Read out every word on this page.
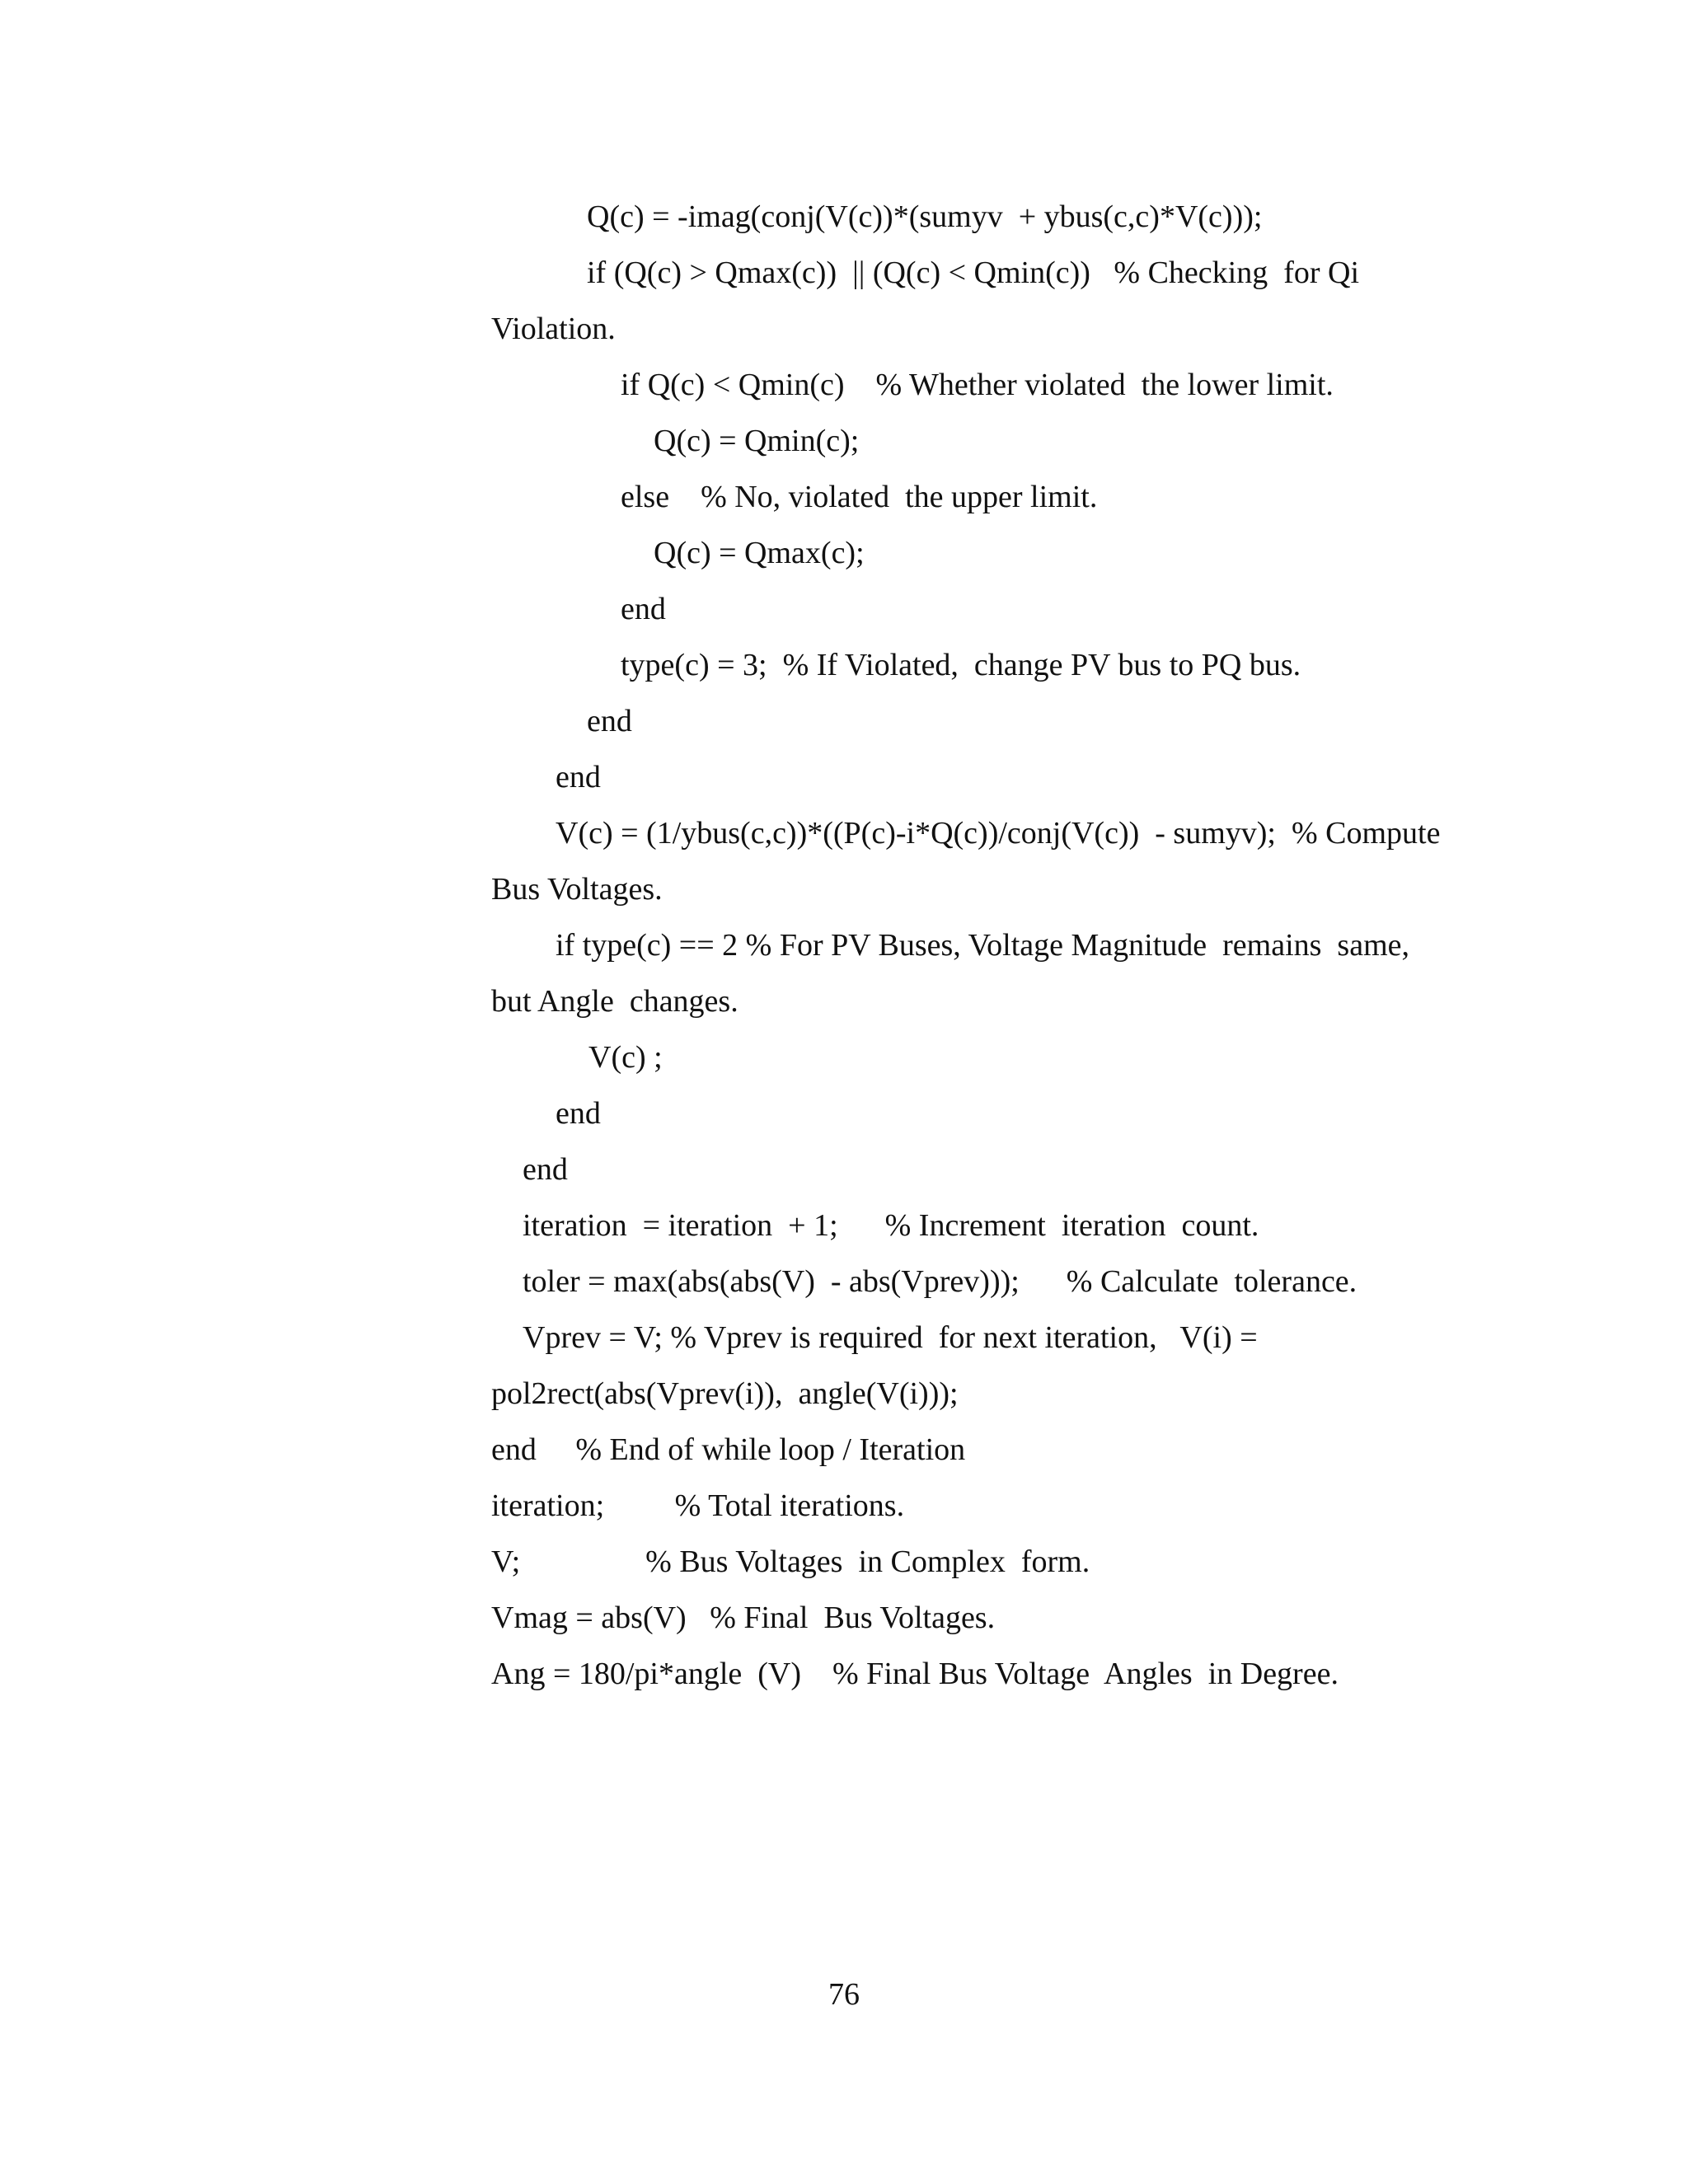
Q(c) = -imag(conj(V(c))*(sumyv  + ybus(c,c)*V(c)));
if (Q(c) > Qmax(c))  || (Q(c) < Qmin(c))   % Checking  for Qi
Violation.
if Q(c) < Qmin(c)    % Whether violated  the lower limit.
Q(c) = Qmin(c);
else    % No, violated  the upper limit.
Q(c) = Qmax(c);
end
type(c) = 3;  % If Violated,  change PV bus to PQ bus.
end
end
V(c) = (1/ybus(c,c))*((P(c)-i*Q(c))/conj(V(c))  - sumyv);  % Compute
Bus Voltages.
if type(c) == 2 % For PV Buses, Voltage Magnitude  remains  same,
but Angle  changes.
V(c) ;
end
end
iteration  = iteration  + 1;      % Increment  iteration  count.
toler = max(abs(abs(V)  - abs(Vprev)));      % Calculate  tolerance.
Vprev = V; % Vprev is required  for next iteration,   V(i) =
pol2rect(abs(Vprev(i)),  angle(V(i)));
end     % End of while loop / Iteration
iteration;         % Total iterations.
V;                % Bus Voltages  in Complex  form.
Vmag = abs(V)   % Final  Bus Voltages.
Ang = 180/pi*angle  (V)    % Final Bus Voltage  Angles  in Degree.
76
